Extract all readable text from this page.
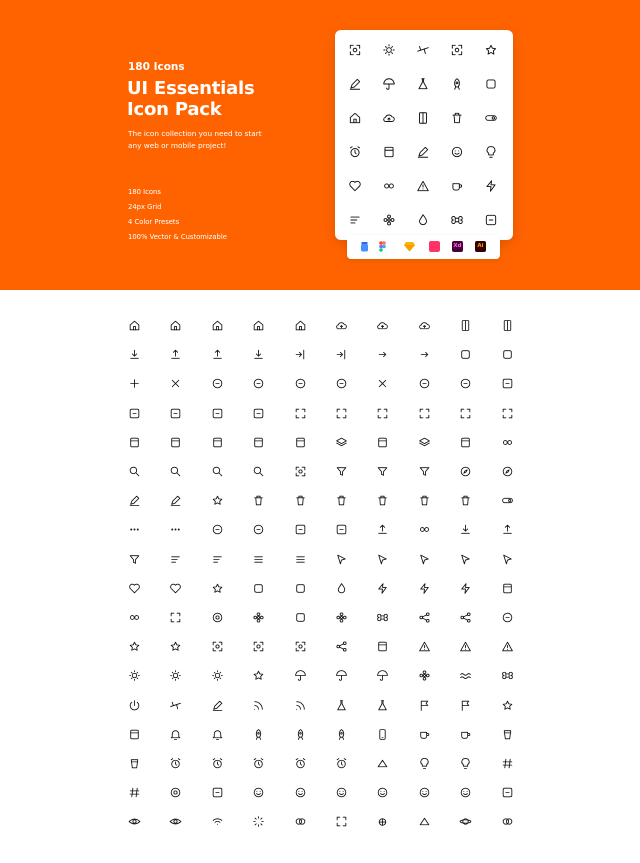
180 Icons
UI Essentials
Icon Pack
The icon collection you need to start
any web or mobile project!
180 Icons
24px Grid
4 Color Presets
100% Vector & Customizable
Xd	Ai
